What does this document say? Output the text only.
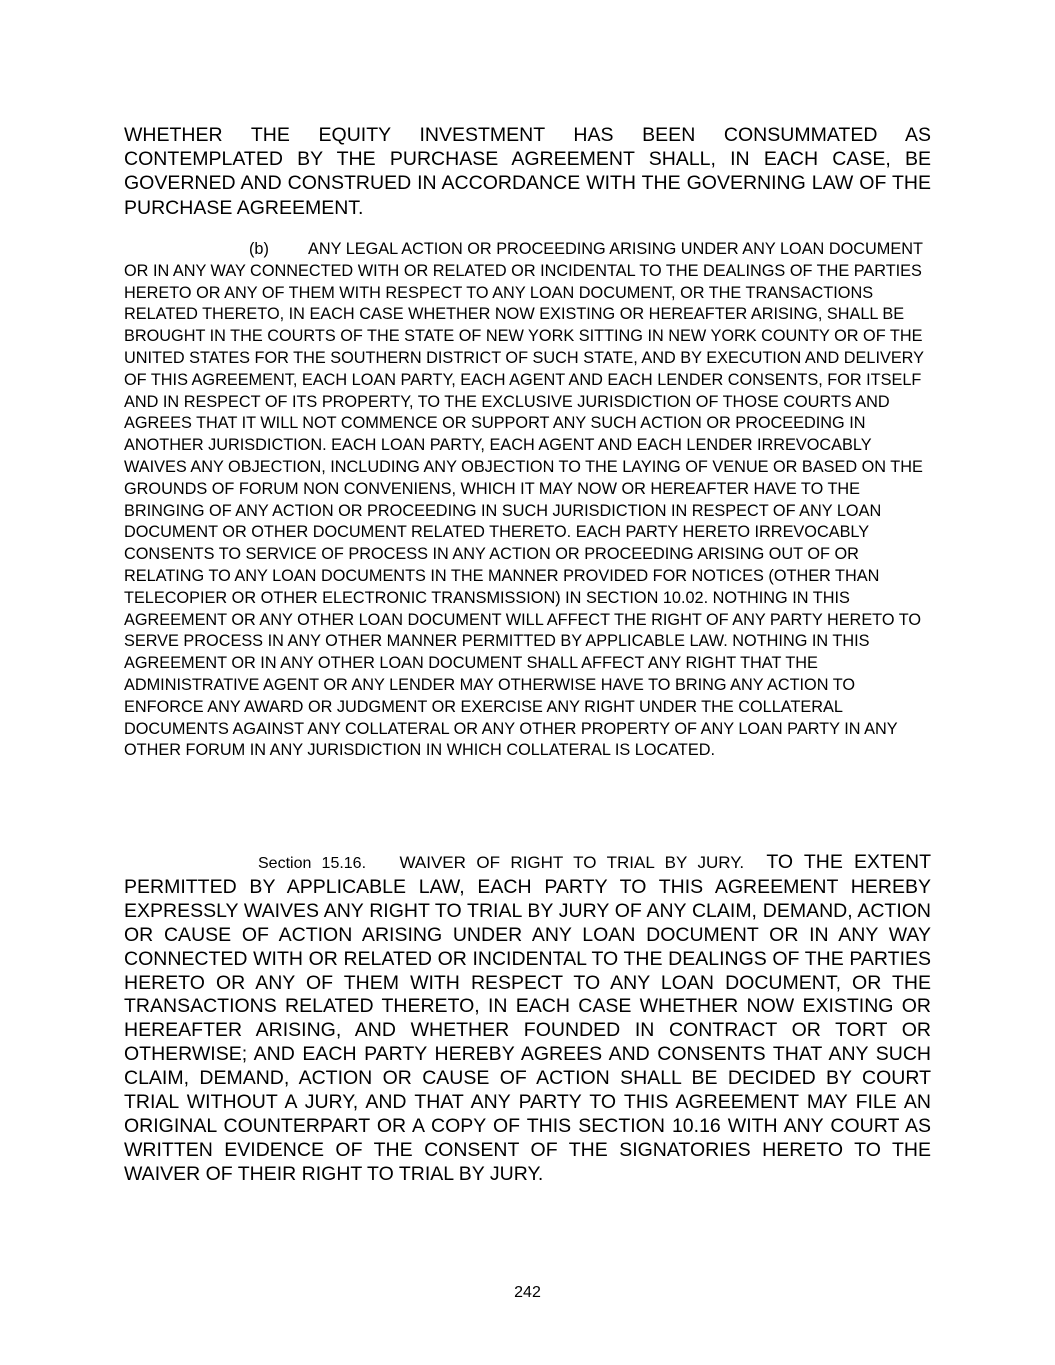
WHETHER THE EQUITY INVESTMENT HAS BEEN CONSUMMATED AS CONTEMPLATED BY THE PURCHASE AGREEMENT SHALL, IN EACH CASE, BE GOVERNED AND CONSTRUED IN ACCORDANCE WITH THE GOVERNING LAW OF THE PURCHASE AGREEMENT.

(b) ANY LEGAL ACTION OR PROCEEDING ARISING UNDER ANY LOAN DOCUMENT OR IN ANY WAY CONNECTED WITH OR RELATED OR INCIDENTAL TO THE DEALINGS OF THE PARTIES HERETO OR ANY OF THEM WITH RESPECT TO ANY LOAN DOCUMENT, OR THE TRANSACTIONS RELATED THERETO, IN EACH CASE WHETHER NOW EXISTING OR HEREAFTER ARISING, SHALL BE BROUGHT IN THE COURTS OF THE STATE OF NEW YORK SITTING IN NEW YORK COUNTY OR OF THE UNITED STATES FOR THE SOUTHERN DISTRICT OF SUCH STATE, AND BY EXECUTION AND DELIVERY OF THIS AGREEMENT, EACH LOAN PARTY, EACH AGENT AND EACH LENDER CONSENTS, FOR ITSELF AND IN RESPECT OF ITS PROPERTY, TO THE EXCLUSIVE JURISDICTION OF THOSE COURTS AND AGREES THAT IT WILL NOT COMMENCE OR SUPPORT ANY SUCH ACTION OR PROCEEDING IN ANOTHER JURISDICTION. EACH LOAN PARTY, EACH AGENT AND EACH LENDER IRREVOCABLY WAIVES ANY OBJECTION, INCLUDING ANY OBJECTION TO THE LAYING OF VENUE OR BASED ON THE GROUNDS OF FORUM NON CONVENIENS, WHICH IT MAY NOW OR HEREAFTER HAVE TO THE BRINGING OF ANY ACTION OR PROCEEDING IN SUCH JURISDICTION IN RESPECT OF ANY LOAN DOCUMENT OR OTHER DOCUMENT RELATED THERETO. EACH PARTY HERETO IRREVOCABLY CONSENTS TO SERVICE OF PROCESS IN ANY ACTION OR PROCEEDING ARISING OUT OF OR RELATING TO ANY LOAN DOCUMENTS IN THE MANNER PROVIDED FOR NOTICES (OTHER THAN TELECOPIER OR OTHER ELECTRONIC TRANSMISSION) IN SECTION 10.02. NOTHING IN THIS AGREEMENT OR ANY OTHER LOAN DOCUMENT WILL AFFECT THE RIGHT OF ANY PARTY HERETO TO SERVE PROCESS IN ANY OTHER MANNER PERMITTED BY APPLICABLE LAW. NOTHING IN THIS AGREEMENT OR IN ANY OTHER LOAN DOCUMENT SHALL AFFECT ANY RIGHT THAT THE ADMINISTRATIVE AGENT OR ANY LENDER MAY OTHERWISE HAVE TO BRING ANY ACTION TO ENFORCE ANY AWARD OR JUDGMENT OR EXERCISE ANY RIGHT UNDER THE COLLATERAL DOCUMENTS AGAINST ANY COLLATERAL OR ANY OTHER PROPERTY OF ANY LOAN PARTY IN ANY OTHER FORUM IN ANY JURISDICTION IN WHICH COLLATERAL IS LOCATED.

Section 15.16. WAIVER OF RIGHT TO TRIAL BY JURY. TO THE EXTENT PERMITTED BY APPLICABLE LAW, EACH PARTY TO THIS AGREEMENT HEREBY EXPRESSLY WAIVES ANY RIGHT TO TRIAL BY JURY OF ANY CLAIM, DEMAND, ACTION OR CAUSE OF ACTION ARISING UNDER ANY LOAN DOCUMENT OR IN ANY WAY CONNECTED WITH OR RELATED OR INCIDENTAL TO THE DEALINGS OF THE PARTIES HERETO OR ANY OF THEM WITH RESPECT TO ANY LOAN DOCUMENT, OR THE TRANSACTIONS RELATED THERETO, IN EACH CASE WHETHER NOW EXISTING OR HEREAFTER ARISING, AND WHETHER FOUNDED IN CONTRACT OR TORT OR OTHERWISE; AND EACH PARTY HEREBY AGREES AND CONSENTS THAT ANY SUCH CLAIM, DEMAND, ACTION OR CAUSE OF ACTION SHALL BE DECIDED BY COURT TRIAL WITHOUT A JURY, AND THAT ANY PARTY TO THIS AGREEMENT MAY FILE AN ORIGINAL COUNTERPART OR A COPY OF THIS SECTION 10.16 WITH ANY COURT AS WRITTEN EVIDENCE OF THE CONSENT OF THE SIGNATORIES HERETO TO THE WAIVER OF THEIR RIGHT TO TRIAL BY JURY.

242
